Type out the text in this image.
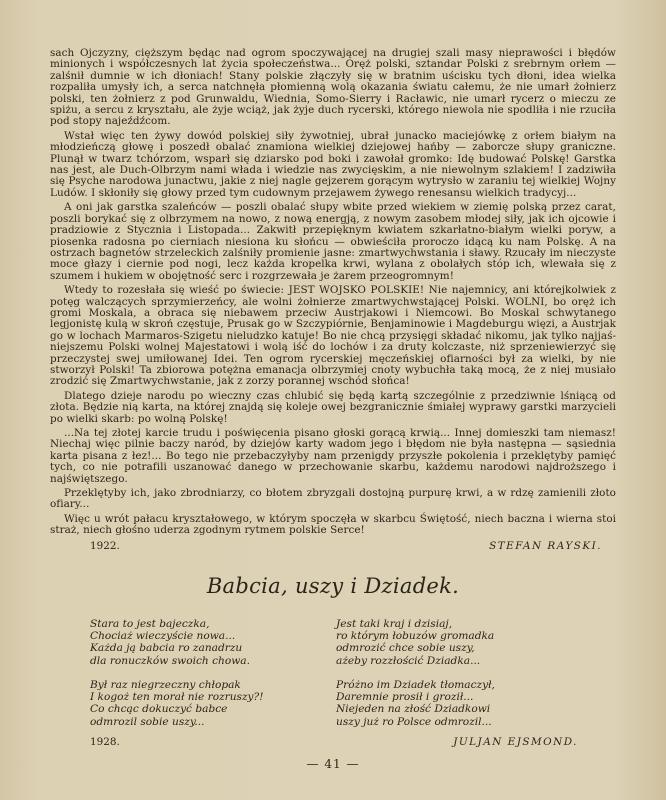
sach Ojczyzny, cięższym będąc nad ogrom spoczywającej na drugiej szali masy nieprawości i błędów minionych i współczesnych lat życia społeczeństwa... Oręż polski, sztandar Polski z srebrnym orłem — zalśnił dumnie w ich dłoniach! Stany polskie złączyły się w bratnim uścisku tych dłoni, idea wielka rozpaliła umysły ich, a serca natchnęła płomienną wolą okazania światu całemu, że nie umarł żołnierz polski, ten żołnierz z pod Grunwaldu, Wiednia, Somo-Sierry i Racławic, nie umarł rycerz o mieczu ze spiżu, a sercu z kryształu, ale żyje wciąż, jak żyje duch rycerski, którego niewola nie spodliła i nie rzuciła pod stopy najeźdźcom.

Wstał więc ten żywy dowód polskiej siły żywotniej, ubrał junacko maciejówkę z orłem białym na młodzieńczą głowę i poszedł obalać znamiona wielkiej dziejowej hańby — zaborcze słupy graniczne. Plunął w twarz tchórzom, wsparł się dziarsko pod boki i zawołał gromko: Idę budować Polskę! Garstka nas jest, ale Duch-Olbrzym nami włada i wiedzie nas zwycięskim, a nie niewolnym szlakiem! I zadziwiła się Psyche narodowa junactwu, jakie z niej nagle gejzerem gorącym wytrysło w zaraniu tej wielkiej Wojny Ludów. I skłoniły się głowy przed tym cudownym przejawem żywego renesansu wielkich tradycyj...

A oni jak garstka szaleńców — poszli obalać słupy wbite przed wiekiem w ziemię polską przez carat, poszli borykać się z olbrzymem na nowo, z nową energją, z nowym zasobem młodej siły, jak ich ojcowie i pradziowie z Stycznia i Listopada... Zakwitł przepięknym kwiatem szkarłatno-białym wielki poryw, a piosenka radosna po cierniach niesiona ku słońcu — obwieściła proroczo idącą ku nam Polskę. A na ostrzach bagnetów strzeleckich zalśniły promienie jasne: zmartwychwstania i sławy. Rzucały im nieczyste moce głazy i ciernie pod nogi, lecz każda kropelka krwi, wylana z obolałych stóp ich, wlewała się z szumem i hukiem w obojętność serc i rozgrzewała je żarem przeogromnym!

Wtedy to rozesłała się wieść po świecie: JEST WOJSKO POLSKIE! Nie najemnicy, ani którejkolwiek z potęg walczących sprzymierzeńcy, ale wolni żołnierze zmartwychwstającej Polski. WOLNI, bo oręż ich gromi Moskala, a obraca się niebawem przeciw Austrjakowi i Niemcowi. Bo Moskal schwytanego legjonistę kulą w skroń częstuje, Prusak go w Szczypiórnie, Benjaminowie i Magdeburgu więzi, a Austrjak go w lochach Marmaros-Szigetu nieludzko katuje! Bo nie chcą przysięgi składać nikomu, jak tylko najjaśniejszemu Polski wolnej Majestatowi i wolą iść do lochów i za druty kolczaste, niż sprzeniewierzyć się przeczystej swej umiłowanej Idei. Ten ogrom rycerskiej męczeńskiej ofiarności był za wielki, by nie stworzył Polski! Ta zbiorowa potężna emanacja olbrzymiej cnoty wybuchła taką mocą, że z niej musiało zrodzić się Zmartwychwstanie, jak z zorzy porannej wschód słońca!

Dlatego dzieje narodu po wieczny czas chlubić się będą kartą szczególnie z przedziwnie lśniącą od złota. Będzie nią karta, na której znajdą się koleje owej bezgranicznie śmiałej wyprawy garstki marzycieli po wielki skarb: po wolną Polskę!

...Na tej złotej karcie trudu i poświęcenia pisano głoski gorącą krwią... Innej domieszki tam niemasz! Niechaj więc pilnie baczy naród, by dziejów karty wadom jego i błędom nie była następna — sąsiednia karta pisana z łez!... Bo tego nie przebaczyłyby nam przenigdy przyszłe pokolenia i przeklętyby pamięć tych, co nie potrafili uszanować danego w przechowanie skarbu, każdemu narodowi najdroższego i najświętszego.

Przeklętyby ich, jako zbrodniarzy, co błotem zbryzgali dostojną purpurę krwi, a w rdzę zamienili złoto ofiary...

Więc u wrót pałacu kryształowego, w którym spoczęła w skarbcu Świętość, niech baczna i wierna stoi straż, niech głośno uderza zgodnym rytmem polskie Serce!

1922.	STEFAN RAYSKI.
Babcia, uszy i Dziadek.
Stara to jest bajeczka,
Chociaż wieczyście nowa...
Każda ją babcia ro zanadrzu
dla ronuczków swoich chowa.
Był raz niegrzeczny chłopak
I kogoż ten morał nie rozruszy?!
Co chcąc dokuczyć babce
odmrozil sobie uszy...
Jest taki kraj i dzisiaj,
ro którym łobuzów gromadka
odmrozić chce sobie uszy,
ażeby rozzłościć Dziadka...
Próżno im Dziadek tłomaczył,
Daremnie prosił i groził...
Niejeden na złość Dziadkowi
uszy już ro Polsce odmrozil...
1928.	JULJAN EJSMOND.
— 41 —
